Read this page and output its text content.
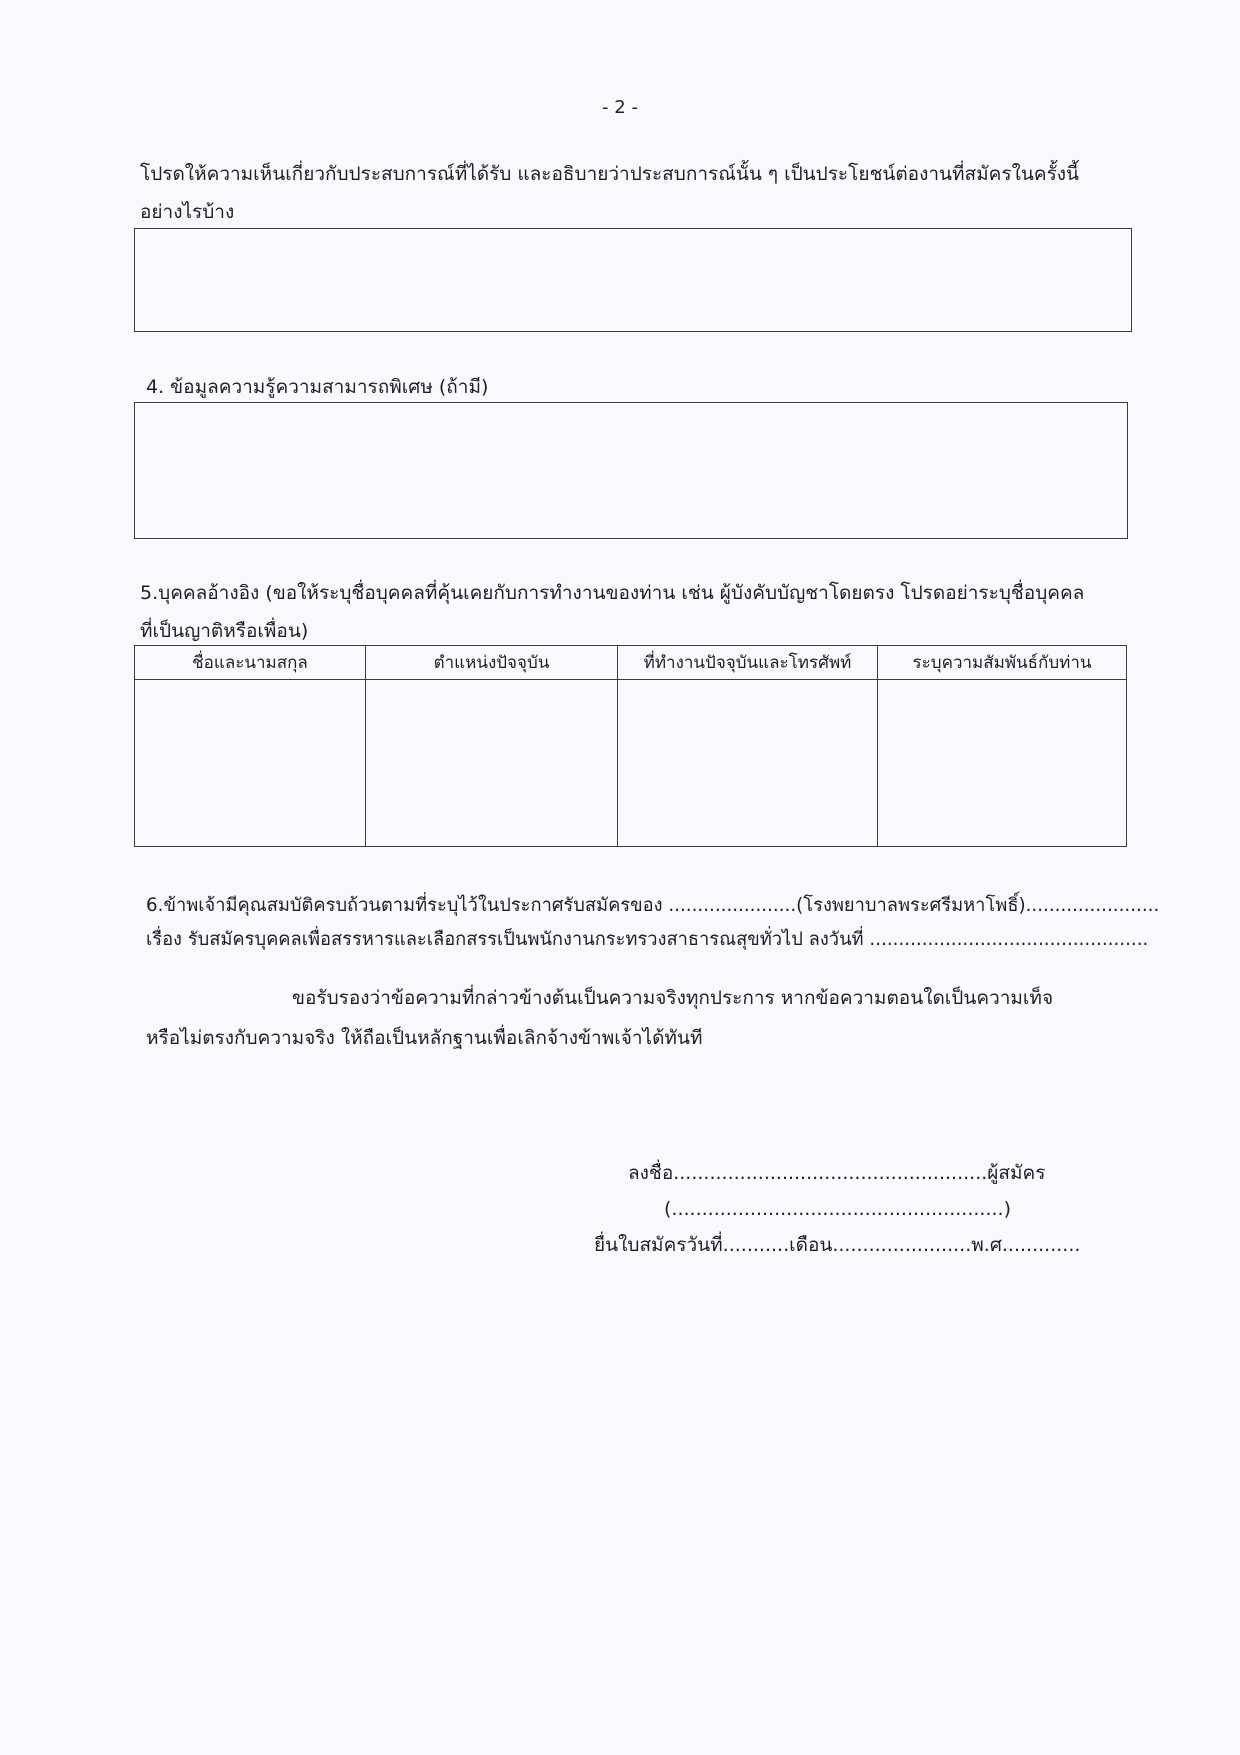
- 2 -
โปรดให้ความเห็นเกี่ยวกับประสบการณ์ที่ได้รับ และอธิบายว่าประสบการณ์นั้น ๆ เป็นประโยชน์ต่องานที่สมัครในครั้งนี้
อย่างไรบ้าง
4. ข้อมูลความรู้ความสามารถพิเศษ (ถ้ามี)
5.บุคคลอ้างอิง (ขอให้ระบุชื่อบุคคลที่คุ้นเคยกับการทำงานของท่าน เช่น ผู้บังคับบัญชาโดยตรง โปรดอย่าระบุชื่อบุคคล
ที่เป็นญาติหรือเพื่อน)
ชื่อและนามสกุล	ตำแหน่งปัจจุบัน	ที่ทำงานปัจจุบันและโทรศัพท์	ระบุความสัมพันธ์กับท่าน

6.ข้าพเจ้ามีคุณสมบัติครบถ้วนตามที่ระบุไว้ในประกาศรับสมัครของ ......................(โรงพยาบาลพระศรีมหาโพธิ์).......................
เรื่อง รับสมัครบุคคลเพื่อสรรหารและเลือกสรรเป็นพนักงานกระทรวงสาธารณสุขทั่วไป ลงวันที่ ................................................
ขอรับรองว่าข้อความที่กล่าวข้างต้นเป็นความจริงทุกประการ หากข้อความตอนใดเป็นความเท็จ
หรือไม่ตรงกับความจริง ให้ถือเป็นหลักฐานเพื่อเลิกจ้างข้าพเจ้าได้ทันที
ลงชื่อ....................................................ผู้สมัคร
(.......................................................)
ยื่นใบสมัครวันที่...........เดือน.......................พ.ศ.............
